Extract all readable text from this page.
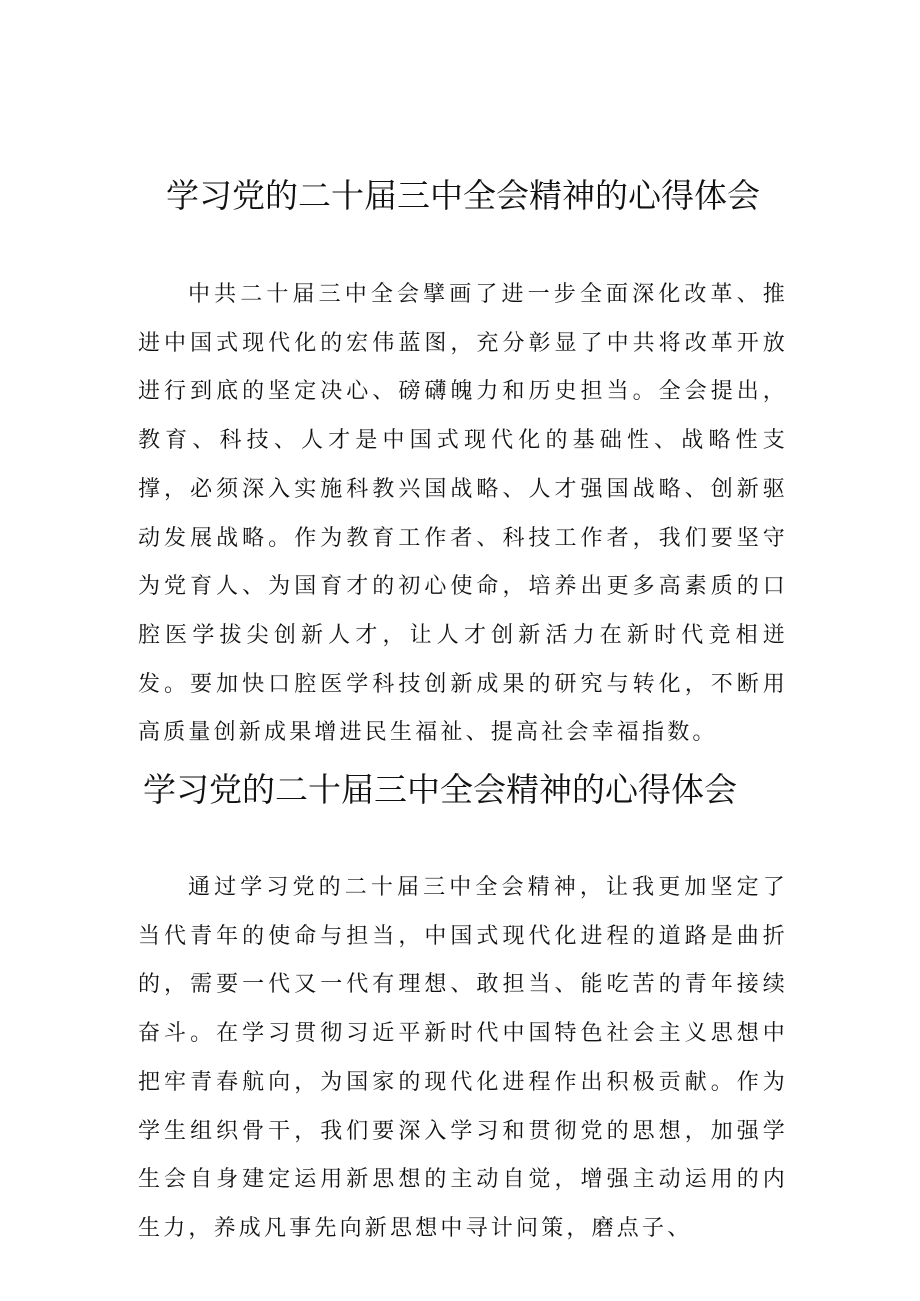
学习党的二十届三中全会精神的心得体会

中共二十届三中全会擘画了进一步全面深化改革、推进中国式现代化的宏伟蓝图，充分彰显了中共将改革开放进行到底的坚定决心、磅礴魄力和历史担当。全会提出，教育、科技、人才是中国式现代化的基础性、战略性支撑，必须深入实施科教兴国战略、人才强国战略、创新驱动发展战略。作为教育工作者、科技工作者，我们要坚守为党育人、为国育才的初心使命，培养出更多高素质的口腔医学拔尖创新人才，让人才创新活力在新时代竞相迸发。要加快口腔医学科技创新成果的研究与转化，不断用高质量创新成果增进民生福祉、提高社会幸福指数。

学习党的二十届三中全会精神的心得体会

通过学习党的二十届三中全会精神，让我更加坚定了当代青年的使命与担当，中国式现代化进程的道路是曲折的，需要一代又一代有理想、敢担当、能吃苦的青年接续奋斗。在学习贯彻习近平新时代中国特色社会主义思想中把牢青春航向，为国家的现代化进程作出积极贡献。作为学生组织骨干，我们要深入学习和贯彻党的思想，加强学生会自身建定运用新思想的主动自觉，增强主动运用的内生力，养成凡事先向新思想中寻计问策，磨点子、
